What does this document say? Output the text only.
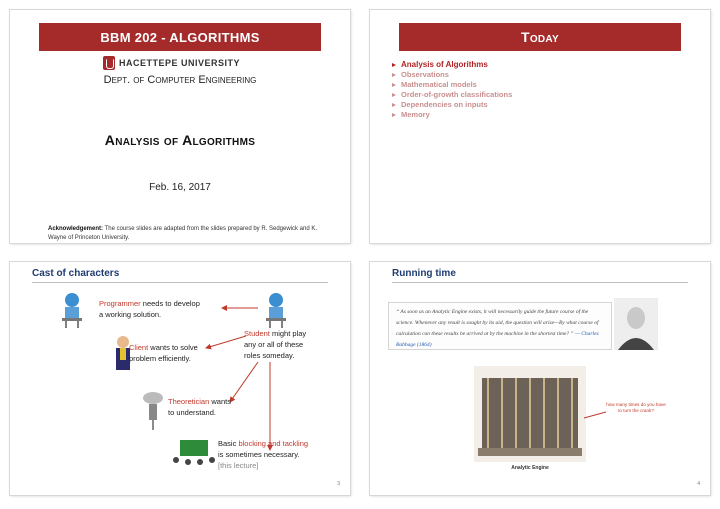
BBM 202 - ALGORITHMS
HACETTEPE UNIVERSITY
Dept. of Computer Engineering
Analysis of Algorithms
Feb. 16, 2017
Acknowledgement: The course slides are adapted from the slides prepared by R. Sedgewick and K. Wayne of Princeton University.
Today
Analysis of Algorithms
Observations
Mathematical models
Order-of-growth classifications
Dependencies on inputs
Memory
Cast of characters
Programmer needs to develop
a working solution.
Student might play
any or all of these
roles someday.
Client wants to solve
problem efficiently.
Theoretician wants
to understand.
Basic blocking and tackling
is sometimes necessary.
[this lecture]
3
Running time
“ As soon as an Analytic Engine exists, it will necessarily guide the future course of the science. Whenever any result is sought by its aid, the question will arise—By what course of calculation can these results be arrived at by the machine in the shortest time? ” — Charles Babbage (1864)
how many times do you have to turn the crank?
Analytic Engine
4
